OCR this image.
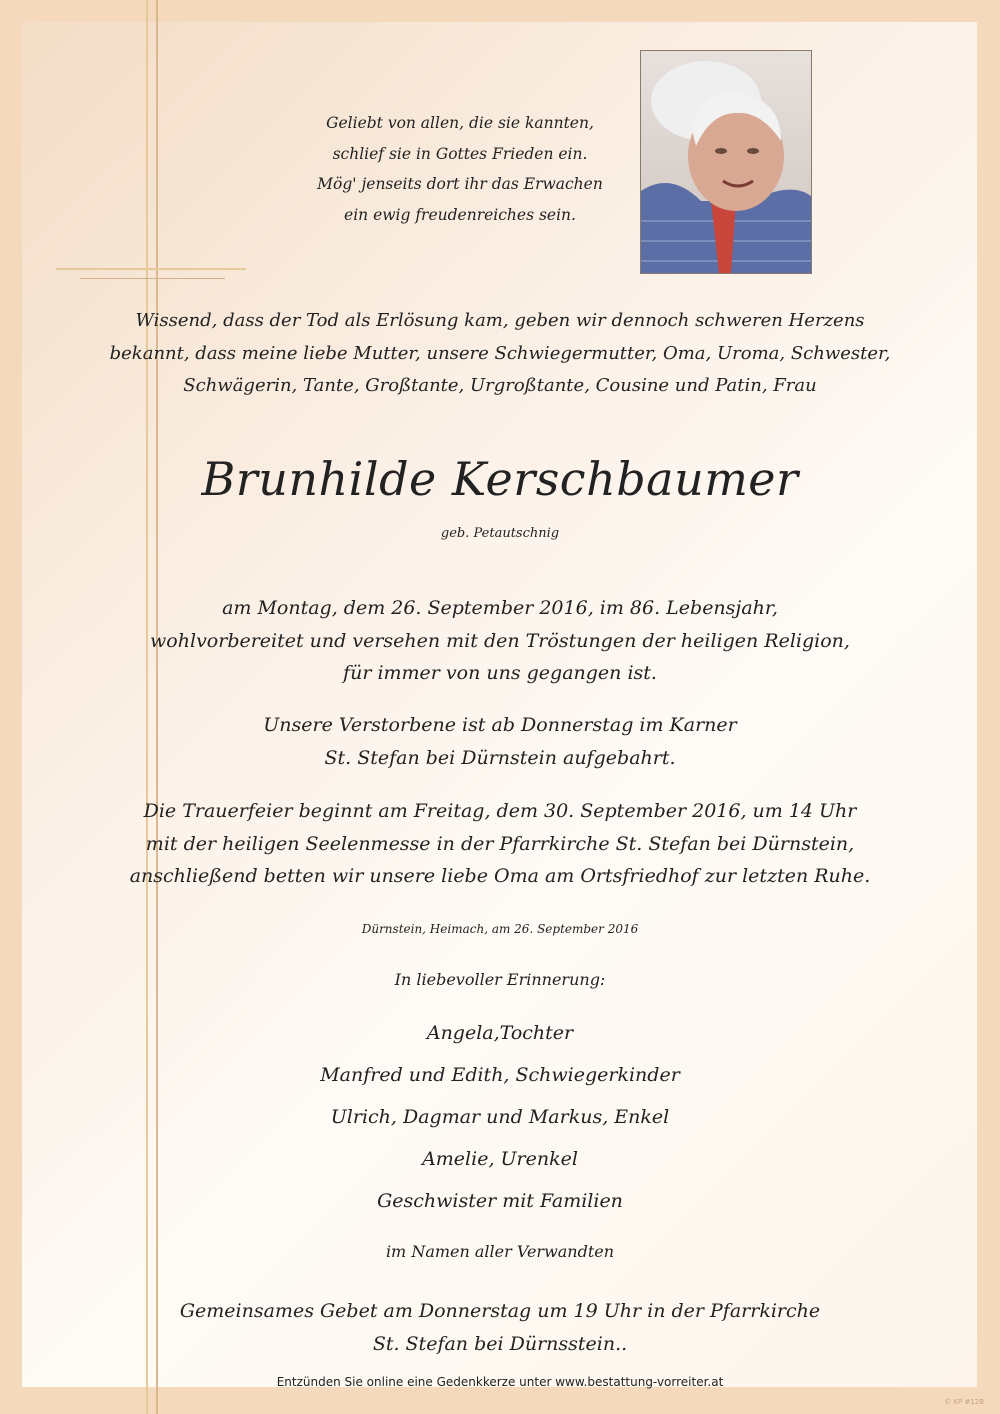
Geliebt von allen, die sie kannten,
schlief sie in Gottes Frieden ein.
Mög' jenseits dort ihr das Erwachen
ein ewig freudenreiches sein.
Wissend, dass der Tod als Erlösung kam, geben wir dennoch schweren Herzens
bekannt, dass meine liebe Mutter, unsere Schwiegermutter, Oma, Uroma, Schwester,
Schwägerin, Tante, Großtante, Urgroßtante, Cousine und Patin, Frau
Brunhilde Kerschbaumer
geb. Petautschnig
am Montag, dem 26. September 2016, im 86. Lebensjahr,
wohlvorbereitet und versehen mit den Tröstungen der heiligen Religion,
für immer von uns gegangen ist.
Unsere Verstorbene ist ab Donnerstag im Karner
St. Stefan bei Dürnstein aufgebahrt.
Die Trauerfeier beginnt am Freitag, dem 30. September 2016, um 14 Uhr
mit der heiligen Seelenmesse in der Pfarrkirche St. Stefan bei Dürnstein,
anschließend betten wir unsere liebe Oma am Ortsfriedhof zur letzten Ruhe.
Dürnstein, Heimach, am 26. September 2016
In liebevoller Erinnerung:
Angela,Tochter
Manfred und Edith, Schwiegerkinder
Ulrich, Dagmar und Markus, Enkel
Amelie, Urenkel
Geschwister mit Familien
im Namen aller Verwandten
Gemeinsames Gebet am Donnerstag um 19 Uhr in der Pfarrkirche
St. Stefan bei Dürnsstein..
Entzünden Sie online eine Gedenkkerze unter www.bestattung-vorreiter.at
© KP #12B
